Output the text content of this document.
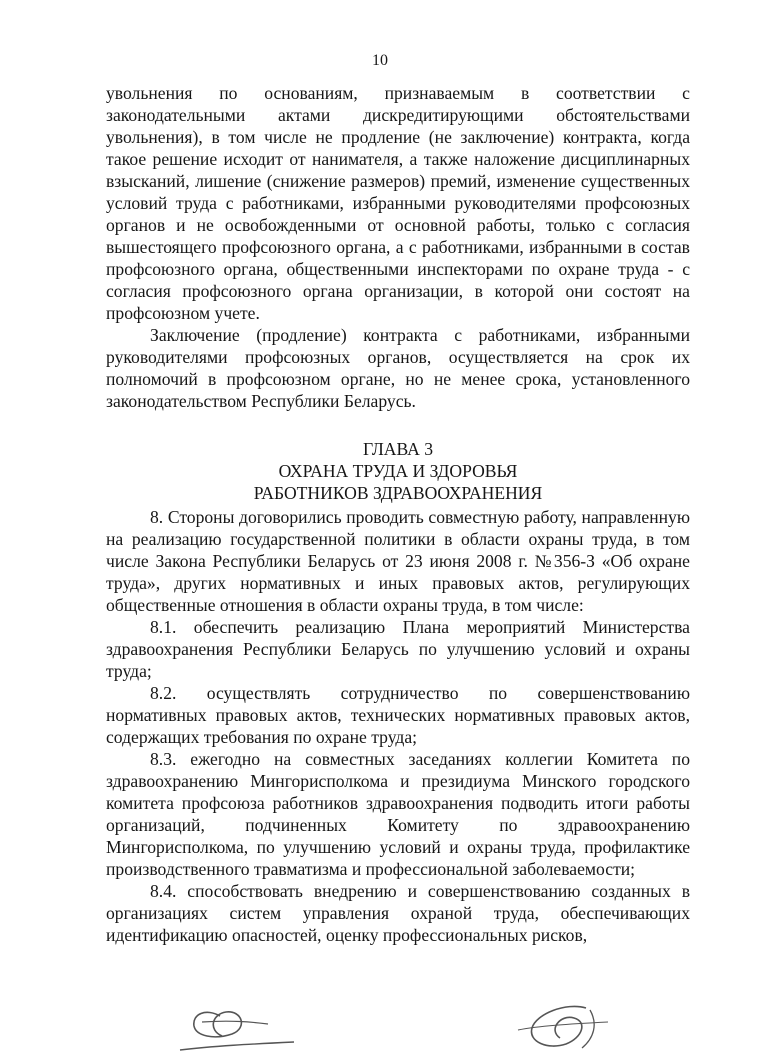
10

увольнения по основаниям, признаваемым в соответствии с законодательными актами дискредитирующими обстоятельствами увольнения), в том числе не продление (не заключение) контракта, когда такое решение исходит от нанимателя, а также наложение дисциплинарных взысканий, лишение (снижение размеров) премий, изменение существенных условий труда с работниками, избранными руководителями профсоюзных органов и не освобожденными от основной работы, только с согласия вышестоящего профсоюзного органа, а с работниками, избранными в состав профсоюзного органа, общественными инспекторами по охране труда - с согласия профсоюзного органа организации, в которой они состоят на профсоюзном учете.

Заключение (продление) контракта с работниками, избранными руководителями профсоюзных органов, осуществляется на срок их полномочий в профсоюзном органе, но не менее срока, установленного законодательством Республики Беларусь.

ГЛАВА 3

ОХРАНА ТРУДА И ЗДОРОВЬЯ

РАБОТНИКОВ ЗДРАВООХРАНЕНИЯ

8. Стороны договорились проводить совместную работу, направленную на реализацию государственной политики в области охраны труда, в том числе Закона Республики Беларусь от 23 июня 2008 г. №356-З «Об охране труда», других нормативных и иных правовых актов, регулирующих общественные отношения в области охраны труда, в том числе:

8.1. обеспечить реализацию Плана мероприятий Министерства здравоохранения Республики Беларусь по улучшению условий и охраны труда;

8.2. осуществлять сотрудничество по совершенствованию нормативных правовых актов, технических нормативных правовых актов, содержащих требования по охране труда;

8.3. ежегодно на совместных заседаниях коллегии Комитета по здравоохранению Мингорисполкома и президиума Минского городского комитета профсоюза работников здравоохранения подводить итоги работы организаций, подчиненных Комитету по здравоохранению Мингорисполкома, по улучшению условий и охраны труда, профилактике производственного травматизма и профессиональной заболеваемости;

8.4. способствовать внедрению и совершенствованию созданных в организациях систем управления охраной труда, обеспечивающих идентификацию опасностей, оценку профессиональных рисков,
